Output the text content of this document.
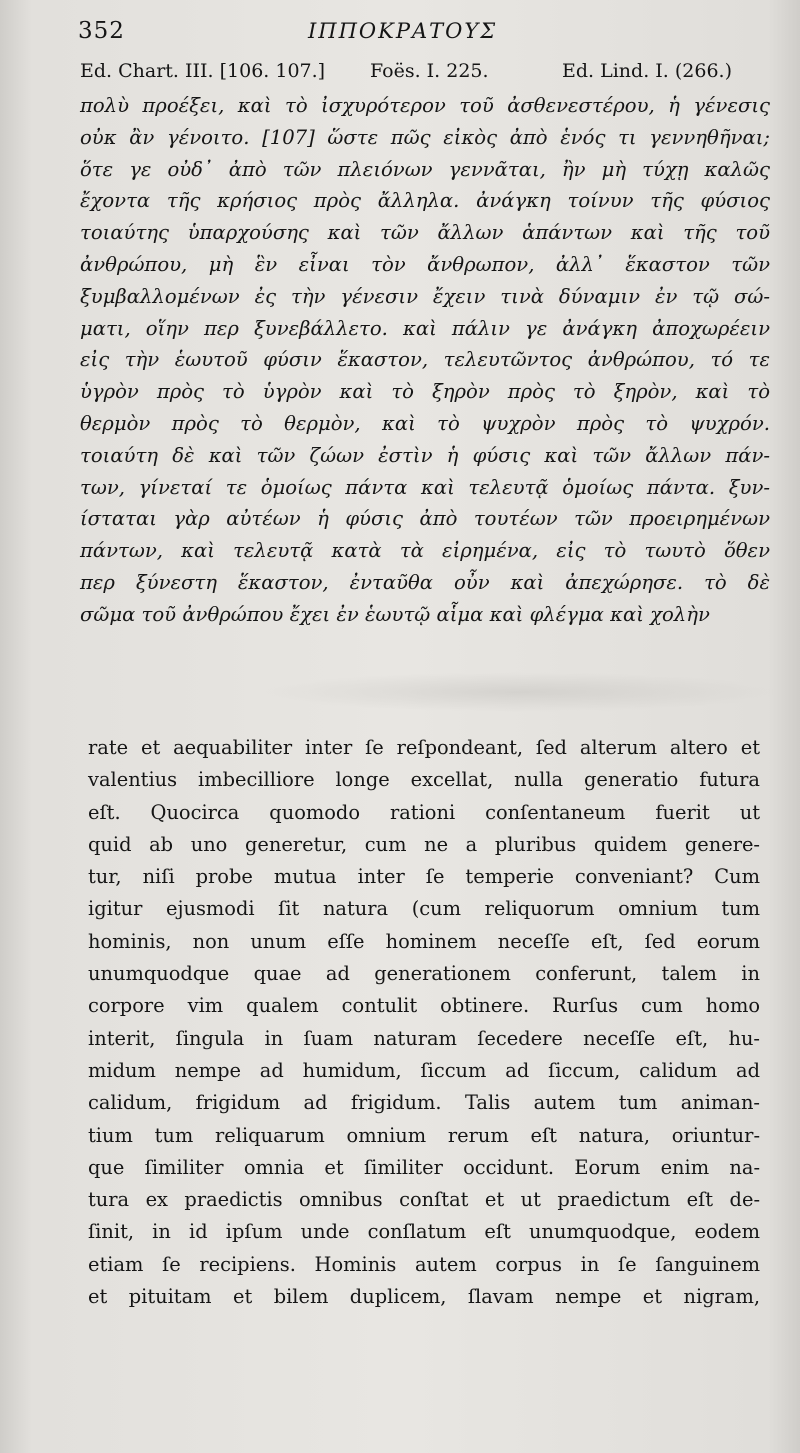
352	ΙΠΠΟΚΡΑΤΟΥΣ
Ed. Chart. III. [106. 107.] Foës. I. 225.	Ed. Lind. I. (266.)
πολὺ προέξει, καὶ τὸ ἰσχυρότερον τοῦ ἀσθενεστέρου, ἡ γένεσις
οὐκ ἂν γένοιτο. [107] ὥστε πῶς εἰκὸς ἀπὸ ἑνός τι γεννηθῆναι;
ὅτε γε οὐδ᾽ ἀπὸ τῶν πλειόνων γεννᾶται, ἢν μὴ τύχῃ καλῶς
ἔχοντα τῆς κρήσιος πρὸς ἄλληλα. ἀνάγκη τοίνυν τῆς φύσιος
τοιαύτης ὑπαρχούσης καὶ τῶν ἄλλων ἁπάντων καὶ τῆς τοῦ
ἀνθρώπου, μὴ ἓν εἶναι τὸν ἄνθρωπον, ἀλλ᾽ ἕκαστον τῶν
ξυμβαλλομένων ἐς τὴν γένεσιν ἔχειν τινὰ δύναμιν ἐν τῷ σώ-
ματι, οἵην περ ξυνεβάλλετο. καὶ πάλιν γε ἀνάγκη ἀποχωρέειν
εἰς τὴν ἑωυτοῦ φύσιν ἕκαστον, τελευτῶντος ἀνθρώπου, τό τε
ὑγρὸν πρὸς τὸ ὑγρὸν καὶ τὸ ξηρὸν πρὸς τὸ ξηρὸν, καὶ τὸ
θερμὸν πρὸς τὸ θερμὸν, καὶ τὸ ψυχρὸν πρὸς τὸ ψυχρόν.
τοιαύτη δὲ καὶ τῶν ζώων ἐστὶν ἡ φύσις καὶ τῶν ἄλλων πάν-
των, γίνεταί τε ὁμοίως πάντα καὶ τελευτᾷ ὁμοίως πάντα. ξυν-
ίσταται γὰρ αὐτέων ἡ φύσις ἀπὸ τουτέων τῶν προειρημένων
πάντων, καὶ τελευτᾷ κατὰ τὰ εἰρημένα, εἰς τὸ τωυτὸ ὅθεν
περ ξύνεστη ἕκαστον, ἐνταῦθα οὖν καὶ ἀπεχώρησε. τὸ δὲ
σῶμα τοῦ ἀνθρώπου ἔχει ἐν ἑωυτῷ αἷμα καὶ φλέγμα καὶ χολὴν
rate et aequabiliter inter ſe reſpondeant, ſed alterum altero et
valentius imbecilliore longe excellat, nulla generatio futura
eſt. Quocirca quomodo rationi conſentaneum fuerit ut
quid ab uno generetur, cum ne a pluribus quidem genere-
tur, niſi probe mutua inter ſe temperie conveniant? Cum
igitur ejusmodi ſit natura (cum reliquorum omnium tum
hominis, non unum eſſe hominem neceſſe eſt, ſed eorum
unumquodque quae ad generationem conferunt, talem in
corpore vim qualem contulit obtinere. Rurſus cum homo
interit, ſingula in ſuam naturam ſecedere neceſſe eſt, hu-
midum nempe ad humidum, ſiccum ad ſiccum, calidum ad
calidum, frigidum ad frigidum. Talis autem tum animan-
tium tum reliquarum omnium rerum eſt natura, oriuntur-
que ſimiliter omnia et ſimiliter occidunt. Eorum enim na-
tura ex praedictis omnibus conſtat et ut praedictum eſt de-
ſinit, in id ipſum unde conſlatum eſt unumquodque, eodem
etiam ſe recipiens. Hominis autem corpus in ſe ſanguinem
et pituitam et bilem duplicem, ſlavam nempe et nigram,
